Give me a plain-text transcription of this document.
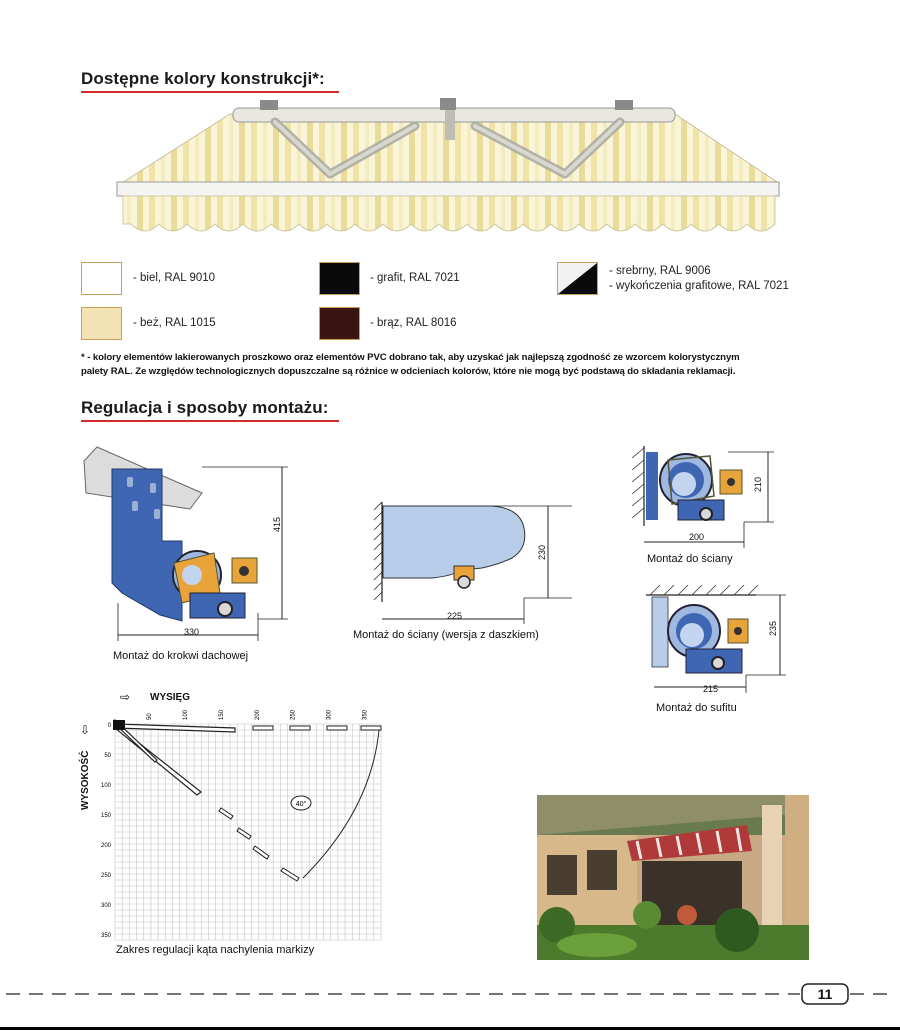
Dostępne kolory konstrukcji*:
- biel, RAL 9010	- grafit, RAL 7021
- srebrny, RAL 9006
- wykończenia grafitowe, RAL 7021
- beż, RAL 1015	- brąz, RAL 8016
* - kolory elementów lakierowanych proszkowo oraz elementów PVC dobrano tak, aby uzyskać jak najlepszą zgodność ze wzorcem kolorystycznym
palety RAL. Ze względów technologicznych dopuszczalne są różnice w odcieniach kolorów, które nie mogą być podstawą do składania reklamacji.
Regulacja i sposoby montażu:
415
330
Montaż do krokwi dachowej
230
225
Montaż do ściany (wersja z daszkiem)
210
200
Montaż do ściany
235
215
Montaż do sufitu
⇨ WYSIĘG
⇩
WYSOKOŚĆ
50	100	150	200	250	300	350
0
50
100
150
200
250
300
350
40°
Zakres regulacji kąta nachylenia markizy
11
